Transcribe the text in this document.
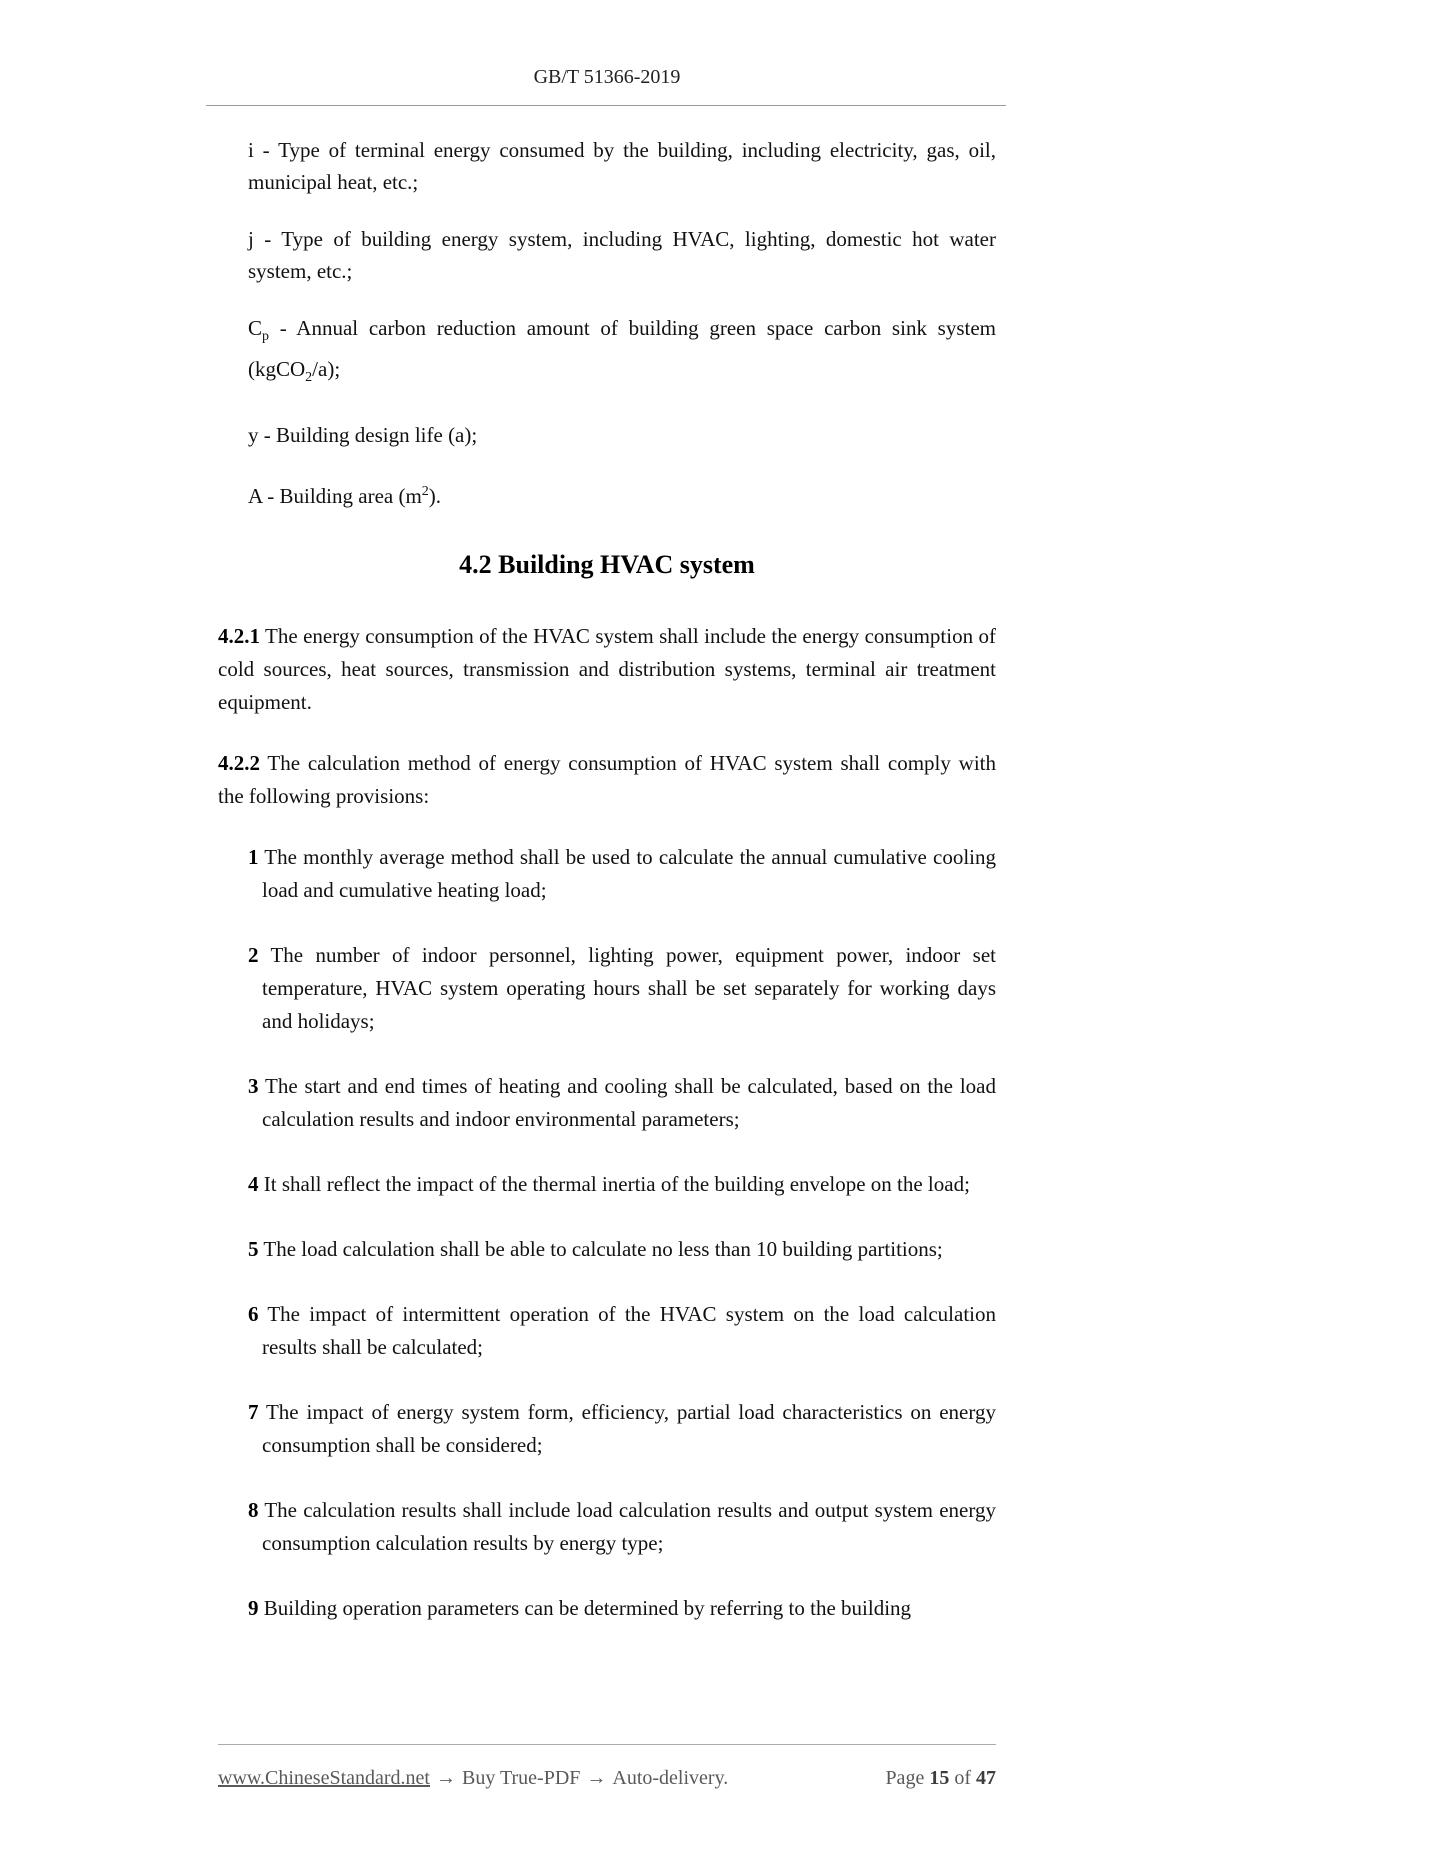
GB/T 51366-2019

i - Type of terminal energy consumed by the building, including electricity, gas, oil, municipal heat, etc.;

j - Type of building energy system, including HVAC, lighting, domestic hot water system, etc.;

$C_p$ - Annual carbon reduction amount of building green space carbon sink system (kgCO$_2$/a);

y - Building design life (a);

A - Building area $(m^2)$.

4.2 Building HVAC system

4.2.1 The energy consumption of the HVAC system shall include the energy consumption of cold sources, heat sources, transmission and distribution systems, terminal air treatment equipment.

4.2.2 The calculation method of energy consumption of HVAC system shall comply with the following provisions:

1 The monthly average method shall be used to calculate the annual cumulative cooling load and cumulative heating load;

2 The number of indoor personnel, lighting power, equipment power, indoor set temperature, HVAC system operating hours shall be set separately for working days and holidays;

3 The start and end times of heating and cooling shall be calculated, based on the load calculation results and indoor environmental parameters;

4 It shall reflect the impact of the thermal inertia of the building envelope on the load;

5 The load calculation shall be able to calculate no less than 10 building partitions;

6 The impact of intermittent operation of the HVAC system on the load calculation results shall be calculated;

7 The impact of energy system form, efficiency, partial load characteristics on energy consumption shall be considered;

8 The calculation results shall include load calculation results and output system energy consumption calculation results by energy type;

9 Building operation parameters can be determined by referring to the building

www.ChineseStandard.net → Buy True-PDF → Auto-delivery.	Page 15 of 47
